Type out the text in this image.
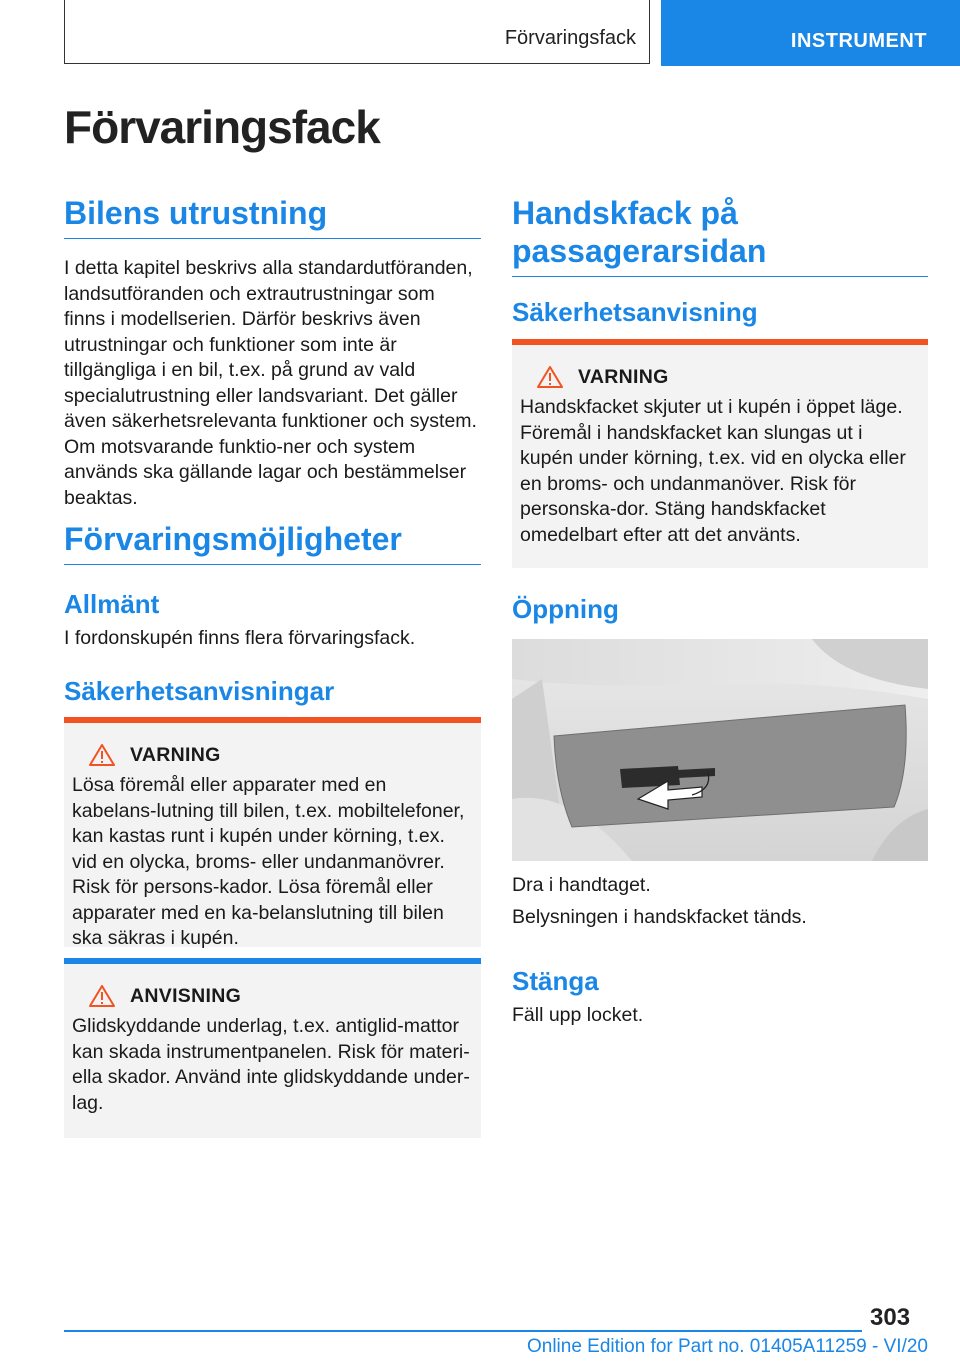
Förvaringsfack	INSTRUMENT
Förvaringsfack
Bilens utrustning

I detta kapitel beskrivs alla standardutföranden, landsutföranden och extrautrustningar som finns i modellserien. Därför beskrivs även utrustningar och funktioner som inte är tillgängliga i en bil, t.ex. på grund av vald specialutrustning eller landsvariant. Det gäller även säkerhetsrelevanta funktioner och system. Om motsvarande funktio‐ner och system används ska gällande lagar och bestämmelser beaktas.

Förvaringsmöjligheter
Allmänt

I fordonskupén finns flera förvaringsfack.

Säkerhetsanvisningar
VARNING
Lösa föremål eller apparater med en kabelans‐lutning till bilen, t.ex. mobiltelefoner, kan kastas runt i kupén under körning, t.ex. vid en olycka, broms- eller undanmanövrer. Risk för persons‐kador. Lösa föremål eller apparater med en ka‐belanslutning till bilen ska säkras i kupén.
ANVISNING
Glidskyddande underlag, t.ex. antiglid-mattor kan skada instrumentpanelen. Risk för materi‐ella skador. Använd inte glidskyddande under‐lag.
Handskfack på passagerarsidan
Säkerhetsanvisning
VARNING
Handskfacket skjuter ut i kupén i öppet läge. Föremål i handskfacket kan slungas ut i kupén under körning, t.ex. vid en olycka eller en broms- och undanmanöver. Risk för personska‐dor. Stäng handskfacket omedelbart efter att det använts.
Öppning

Dra i handtaget.

Belysningen i handskfacket tänds.

Stänga

Fäll upp locket.

303
Online Edition for Part no. 01405A11259 - VI/20
